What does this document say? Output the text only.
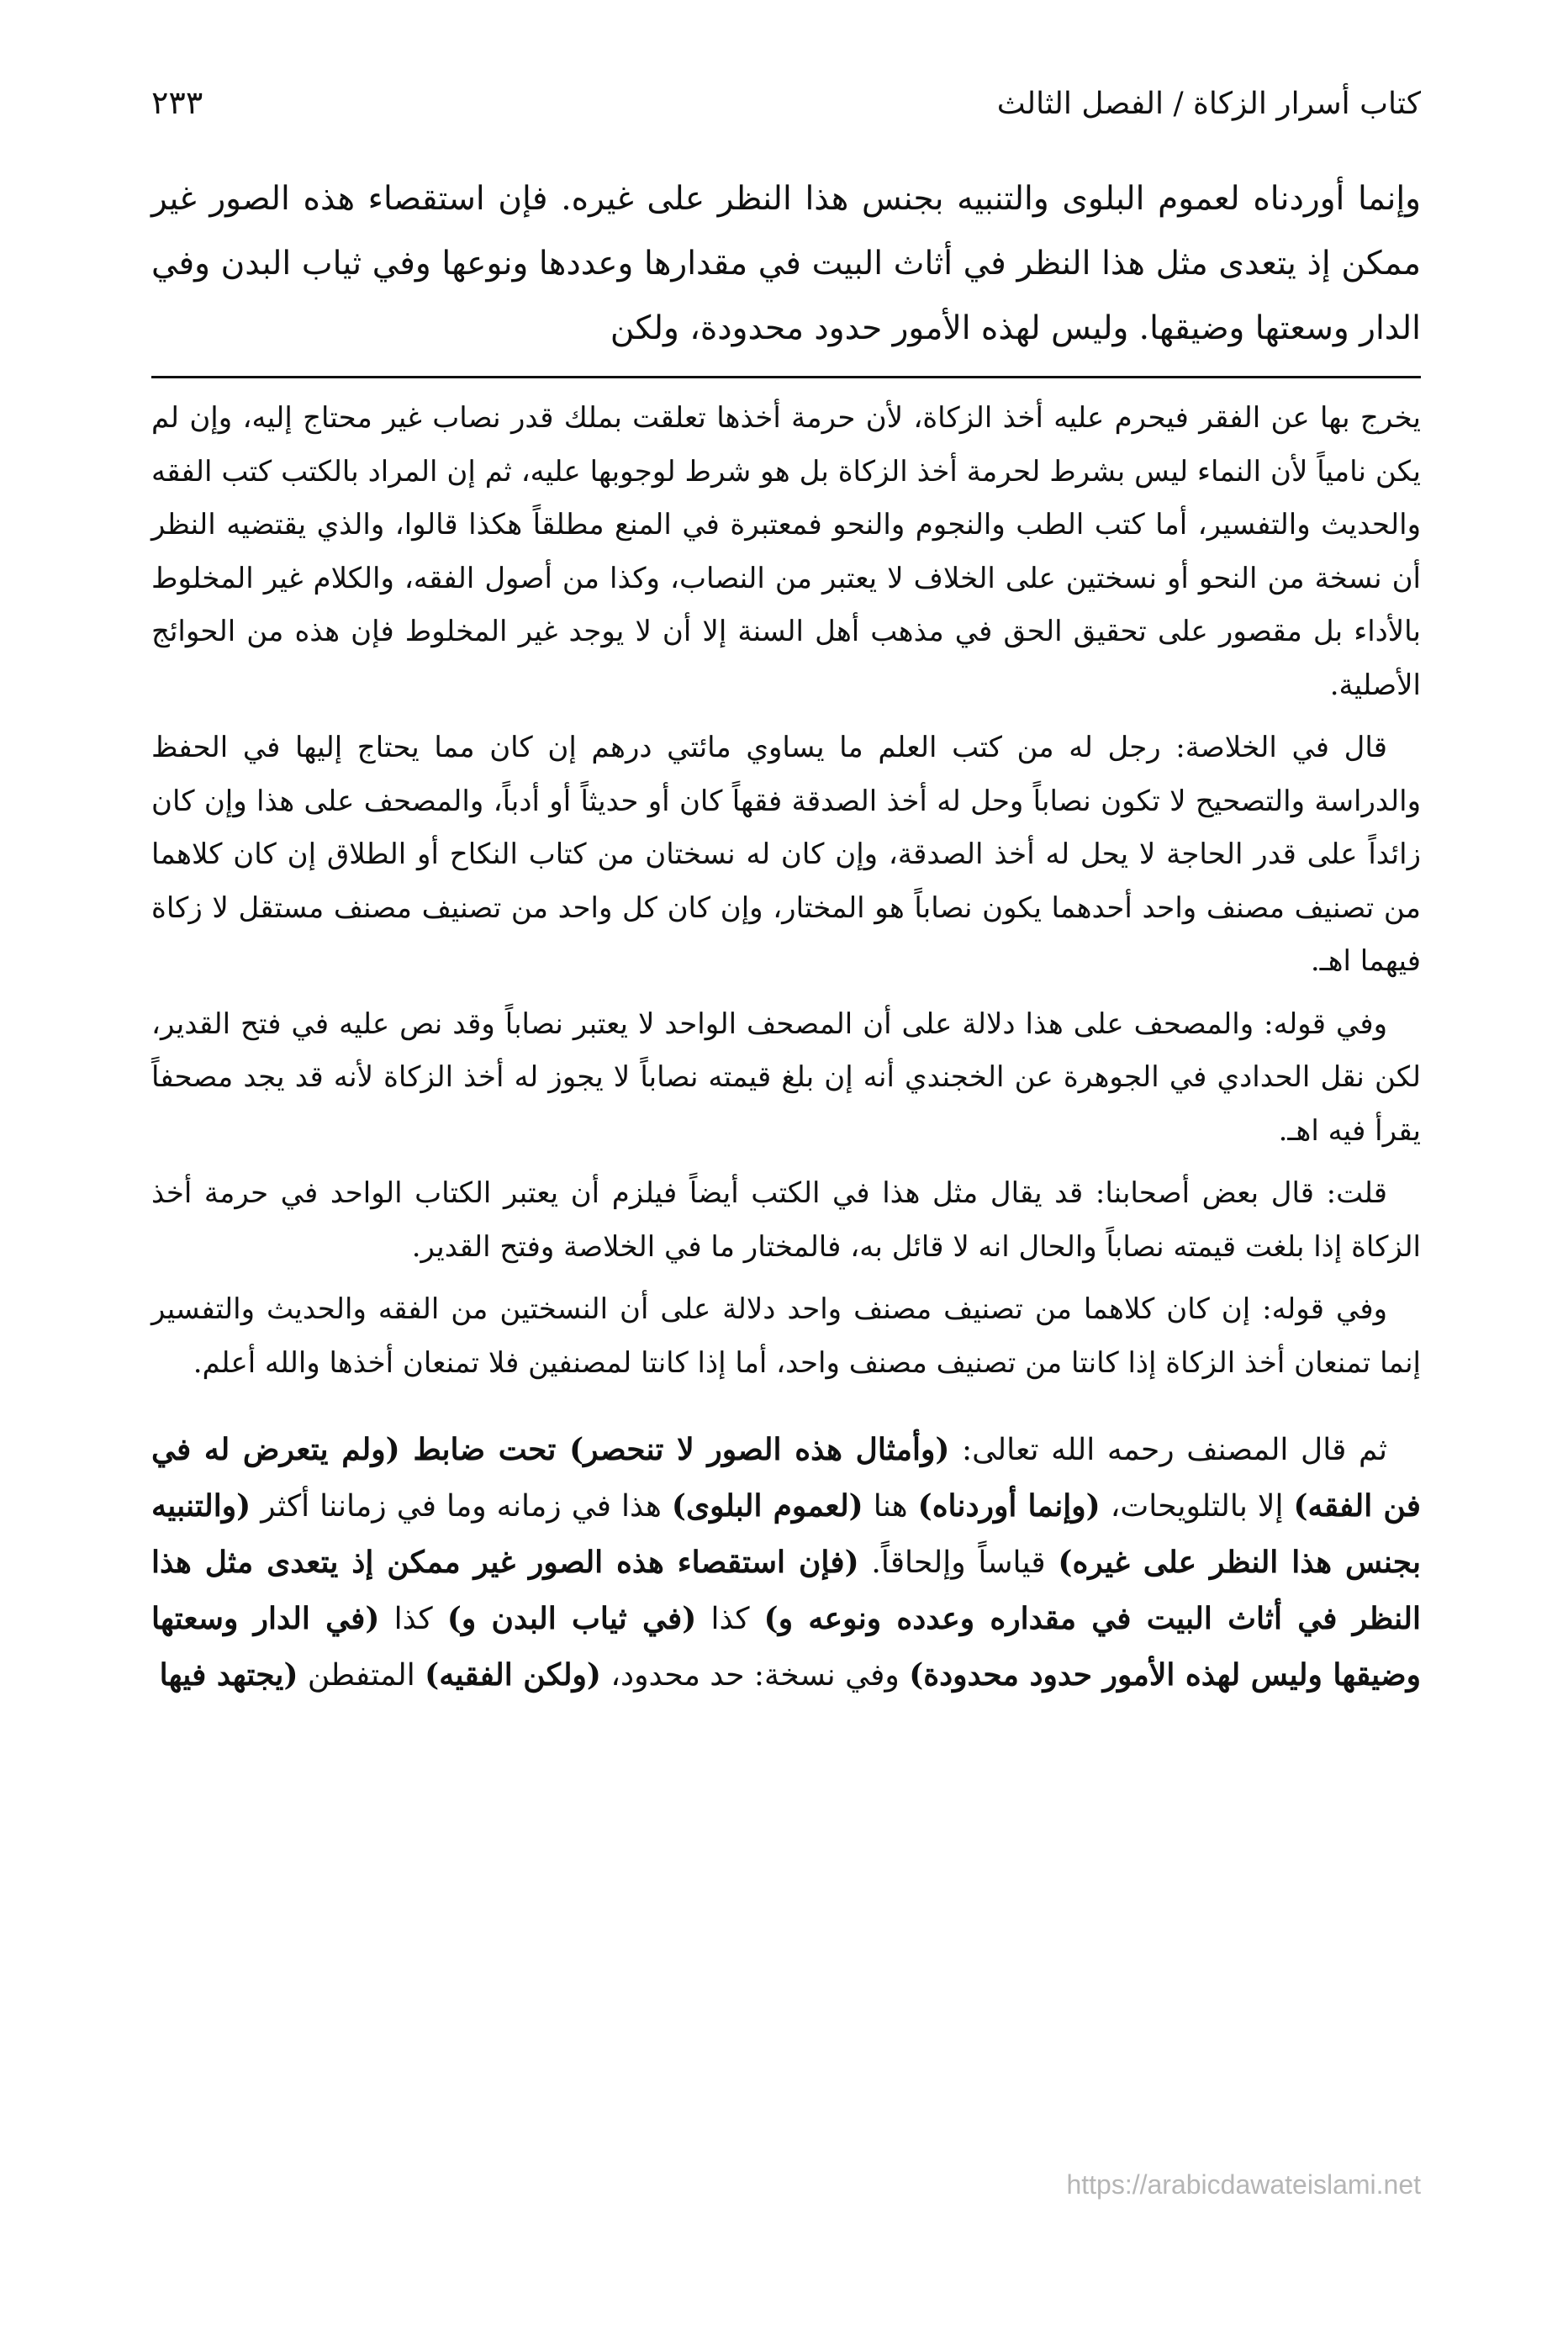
كتاب أسرار الزكاة / الفصل الثالث
٢٣٣

وإنما أوردناه لعموم البلوى والتنبيه بجنس هذا النظر على غيره. فإن استقصاء هذه الصور غير ممكن إذ يتعدى مثل هذا النظر في أثاث البيت في مقدارها وعددها ونوعها وفي ثياب البدن وفي الدار وسعتها وضيقها. وليس لهذه الأمور حدود محدودة، ولكن

يخرج بها عن الفقر فيحرم عليه أخذ الزكاة، لأن حرمة أخذها تعلقت بملك قدر نصاب غير محتاج إليه، وإن لم يكن نامياً لأن النماء ليس بشرط لحرمة أخذ الزكاة بل هو شرط لوجوبها عليه، ثم إن المراد بالكتب كتب الفقه والحديث والتفسير، أما كتب الطب والنجوم والنحو فمعتبرة في المنع مطلقاً هكذا قالوا، والذي يقتضيه النظر أن نسخة من النحو أو نسختين على الخلاف لا يعتبر من النصاب، وكذا من أصول الفقه، والكلام غير المخلوط بالأداء بل مقصور على تحقيق الحق في مذهب أهل السنة إلا أن لا يوجد غير المخلوط فإن هذه من الحوائج الأصلية.

قال في الخلاصة: رجل له من كتب العلم ما يساوي مائتي درهم إن كان مما يحتاج إليها في الحفظ والدراسة والتصحيح لا تكون نصاباً وحل له أخذ الصدقة فقهاً كان أو حديثاً أو أدباً، والمصحف على هذا وإن كان زائداً على قدر الحاجة لا يحل له أخذ الصدقة، وإن كان له نسختان من كتاب النكاح أو الطلاق إن كان كلاهما من تصنيف مصنف واحد أحدهما يكون نصاباً هو المختار، وإن كان كل واحد من تصنيف مصنف مستقل لا زكاة فيهما اهـ.

وفي قوله: والمصحف على هذا دلالة على أن المصحف الواحد لا يعتبر نصاباً وقد نص عليه في فتح القدير، لكن نقل الحدادي في الجوهرة عن الخجندي أنه إن بلغ قيمته نصاباً لا يجوز له أخذ الزكاة لأنه قد يجد مصحفاً يقرأ فيه اهـ.

قلت: قال بعض أصحابنا: قد يقال مثل هذا في الكتب أيضاً فيلزم أن يعتبر الكتاب الواحد في حرمة أخذ الزكاة إذا بلغت قيمته نصاباً والحال انه لا قائل به، فالمختار ما في الخلاصة وفتح القدير.

وفي قوله: إن كان كلاهما من تصنيف مصنف واحد دلالة على أن النسختين من الفقه والحديث والتفسير إنما تمنعان أخذ الزكاة إذا كانتا من تصنيف مصنف واحد، أما إذا كانتا لمصنفين فلا تمنعان أخذها والله أعلم.

ثم قال المصنف رحمه الله تعالى: (وأمثال هذه الصور لا تنحصر) تحت ضابط (ولم يتعرض له في فن الفقه) إلا بالتلويحات، (وإنما أوردناه) هنا (لعموم البلوى) هذا في زمانه وما في زماننا أكثر (والتنبيه بجنس هذا النظر على غيره) قياساً وإلحاقاً. (فإن استقصاء هذه الصور غير ممكن إذ يتعدى مثل هذا النظر في أثاث البيت في مقداره وعدده ونوعه و) كذا (في ثياب البدن و) كذا (في الدار وسعتها وضيقها وليس لهذه الأمور حدود محدودة) وفي نسخة: حد محدود، (ولكن الفقيه) المتفطن (يجتهد فيها

https://arabicdawateislami.net
